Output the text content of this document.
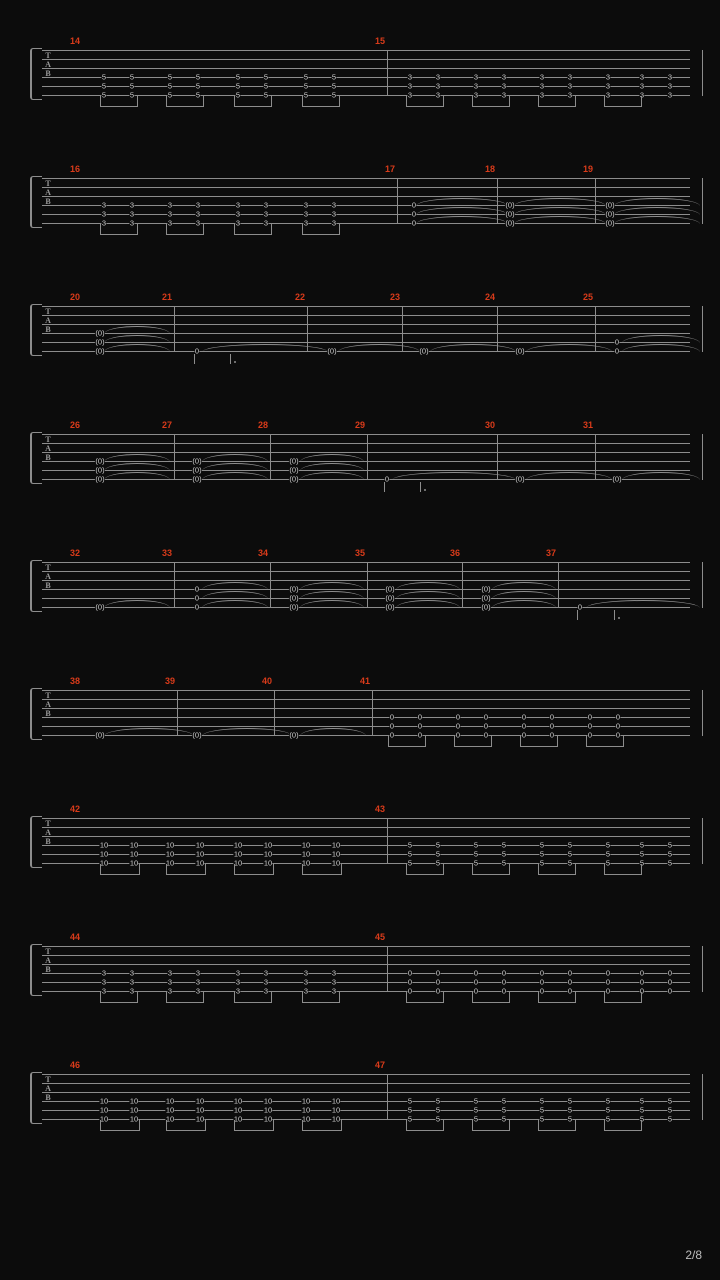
14	15
5
5
5
5
5
5
5
5
5
5
5
5
5
5
5
5
5
5
5
5
5
5
5
5
3
3
3
3
3
3
3
3
3
3
3
3
3
3
3
3
3
3
3
3
3
3
3
3
3
3
3
T
A
B
16	17	18	19
3
3
3
3
3
3
3
3
3
3
3
3
3
3
3
3
3
3
3
3
3
3
3
3
0
0
0
(0)
(0)
(0)
(0)
(0)
(0)
T
A
B
20	21	22	23	24	25
(0)
(0)
(0)	0	(0)	(0)	(0)
0
0
T
A
B
26	27	28	29	30	31
(0)
(0)
(0)
(0)
(0)
(0)
(0)
(0)
(0)	0	(0)	(0)
T
A
B
32	33	34	35	36	37
(0)
0
0
0
(0)
(0)
(0)
(0)
(0)
(0)
(0)
(0)
(0)	0
T
A
B
38	39	40	41
(0)	(0)	(0)
0
0
0
0
0
0
0
0
0
0
0
0
0
0
0
0
0
0
0
0
0
0
0
0
T
A
B
42	43
10
10
10
10
10
10
10
10
10
10
10
10
10
10
10
10
10
10
10
10
10
10
10
10
5
5
5
5
5
5
5
5
5
5
5
5
5
5
5
5
5
5
5
5
5
5
5
5
5
5
5
T
A
B
44	45
3
3
3
3
3
3
3
3
3
3
3
3
3
3
3
3
3
3
3
3
3
3
3
3
0
0
0
0
0
0
0
0
0
0
0
0
0
0
0
0
0
0
0
0
0
0
0
0
0
0
0
T
A
B
46	47
10
10
10
10
10
10
10
10
10
10
10
10
10
10
10
10
10
10
10
10
10
10
10
10
5
5
5
5
5
5
5
5
5
5
5
5
5
5
5
5
5
5
5
5
5
5
5
5
5
5
5
T
A
B
2/8
